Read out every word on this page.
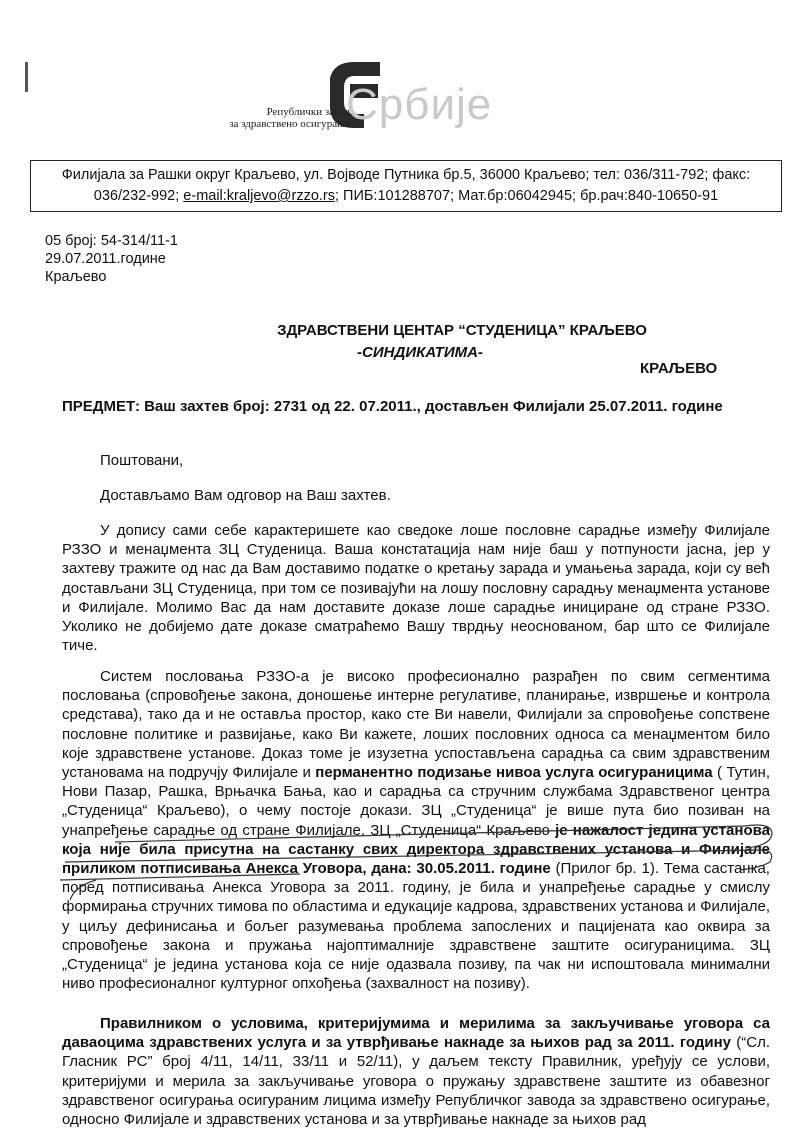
Републички завод
за здравствено осигурање
Србије
Филијала за Рашки округ Краљево, ул. Војводе Путника бр.5, 36000 Краљево; тел: 036/311-792; факс:
036/232-992; e-mail:kraljevo@rzzo.rs; ПИБ:101288707; Мат.бр:06042945; бр.рач:840-10650-91
05 број: 54-314/11-1
29.07.2011.године
Краљево
ЗДРАВСТВЕНИ ЦЕНТАР “СТУДЕНИЦА” КРАЉЕВО
-СИНДИКАТИМА-
КРАЉЕВО
ПРЕДМЕТ: Ваш захтев број: 2731 од 22. 07.2011., достављен Филијали 25.07.2011. године
Поштовани,
Достављамо Вам одговор на Ваш захтев.
У допису сами себе карактеришете као сведоке лоше пословне сарадње између Филијале РЗЗО и менаџмента ЗЦ Студеница. Ваша констатација нам није баш у потпуности јасна, јер у захтеву тражите од нас да Вам доставимо податке о кретању зарада и умањења зарада, који су већ достављани ЗЦ Студеница, при том се позивајући на лошу пословну сарадњу менаџмента установе и Филијале. Молимо Вас да нам доставите доказе лоше сарадње инициране од стране РЗЗО. Уколико не добијемо дате доказе сматраћемо Вашу тврдњу неоснованом, бар што се Филијале тиче.
Систем пословања РЗЗО-а је високо професионално разрађен по свим сегментима пословања (спровођење закона, доношење интерне регулативе, планирање, извршење и контрола средстава), тако да и не оставља простор, како сте Ви навели, Филијали за спровођење сопствене пословне политике и развијање, како Ви кажете, лоших пословних односа са менаџментом било које здравствене установе. Доказ томе је изузетна успостављена сарадња са свим здравственим установама на подручју Филијале и перманентно подизање нивоа услуга осигураницима ( Тутин, Нови Пазар, Рашка, Врњачка Бања, као и сарадња са стручним службама Здравственог центра „Студеница“ Краљево), о чему постоје докази. ЗЦ „Студеница“ је више пута био позиван на унапређење сарадње од стране Филијале. ЗЦ „Студеница“ Краљево је нажалост једина установа која није била присутна на састанку свих директора здравствених установа и Филијале приликом потписивања Анекса Уговора, дана: 30.05.2011. године (Прилог бр. 1). Тема састанка, поред потписивања Анекса Уговора за 2011. годину, је била и унапређење сарадње у смислу формирања стручних тимова по областима и едукације кадрова, здравствених установа и Филијале, у циљу дефинисања и бољег разумевања проблема запослених и пацијената као оквира за спровођење закона и пружања најоптималније здравствене заштите осигураницима. ЗЦ „Студеница“ је једина установа која се није одазвала позиву, па чак ни испоштовала минимални ниво професионалног културног опхођења (захвалност на позиву).
Правилником о условима, критеријумима и мерилима за закључивање уговора са даваоцима здравствених услуга и за утврђивање накнаде за њихов рад за 2011. годину (“Сл. Гласник РС” број 4/11, 14/11, 33/11 и 52/11), у даљем тексту Правилник, уређују се услови, критеријуми и мерила за закључивање уговора о пружању здравствене заштите из обавезног здравственог осигурања осигураним лицима између Републичког завода за здравствено осигурање, односно Филијале и здравствених установа и за утврђивање накнаде за њихов рад
